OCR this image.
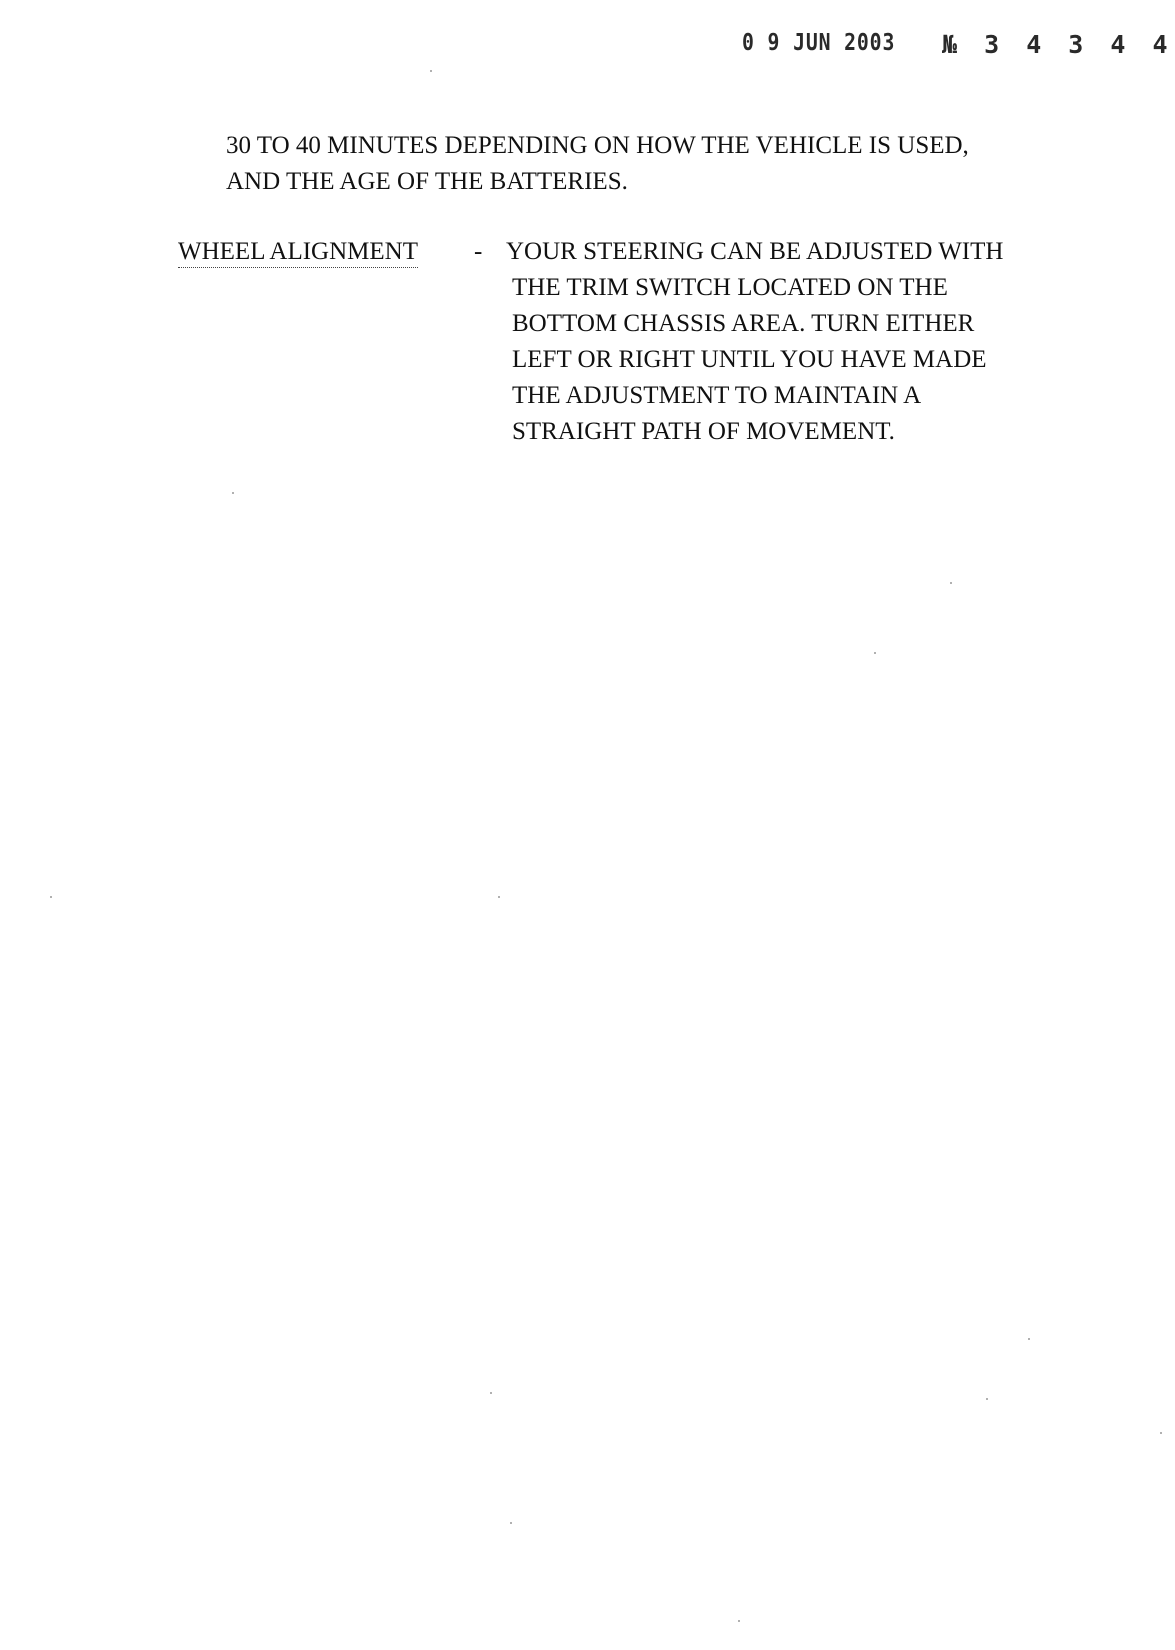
0 9 JUN 2003 № 3 4 3 4 4
30 TO 40 MINUTES DEPENDING ON HOW THE VEHICLE IS USED,
AND THE AGE OF THE BATTERIES.
WHEEL ALIGNMENT - YOUR STEERING CAN BE ADJUSTED WITH
THE TRIM SWITCH LOCATED ON THE
BOTTOM CHASSIS AREA. TURN EITHER
LEFT OR RIGHT UNTIL YOU HAVE MADE
THE ADJUSTMENT TO MAINTAIN A
STRAIGHT PATH OF MOVEMENT.
